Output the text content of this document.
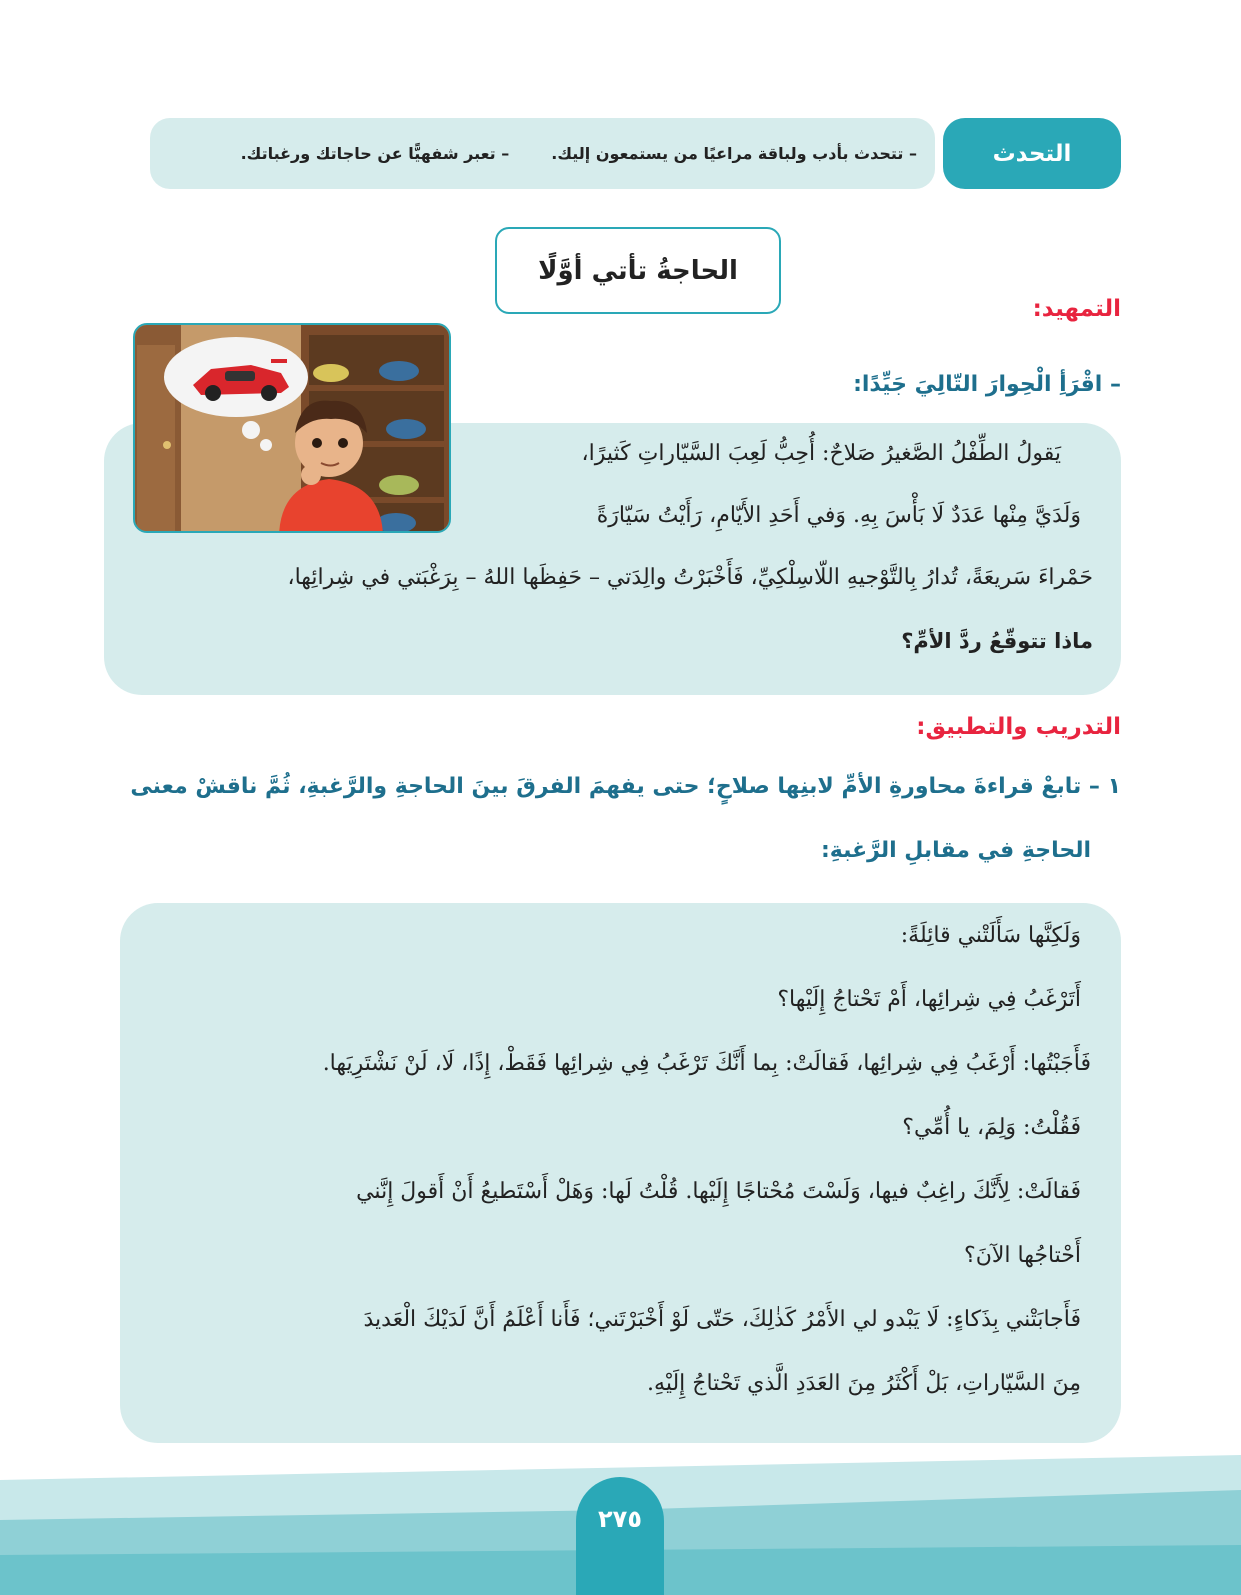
التحدث
– تتحدث بأدب ولباقة مراعيًا من يستمعون إليك.
– تعبر شفهيًّا عن حاجاتك ورغباتك.
الحاجةُ تأتي أوَّلًا
التمهيد:
– اقْرَأِ الْحِوارَ التّالِيَ جَيِّدًا:
يَقولُ الطِّفْلُ الصَّغيرُ صَلاحٌ: أُحِبُّ لَعِبَ السَّيّاراتِ كَثيرًا،
وَلَدَيَّ مِنْها عَدَدٌ لَا بَأْسَ بِهِ. وَفي أَحَدِ الأَيّامِ، رَأَيْتُ سَيّارَةً
حَمْراءَ سَريعَةً، تُدارُ بِالتَّوْجيهِ اللّاسِلْكِيِّ، فَأَخْبَرْتُ والِدَتي – حَفِظَها اللهُ – بِرَغْبَتي في شِرائِها،
ماذا تتوقّعُ ردَّ الأمِّ؟
التدريب والتطبيق:
١ – تابعْ قراءةَ محاورةِ الأمِّ لابنِها صلاحٍ؛ حتى يفهمَ الفرقَ بينَ الحاجةِ والرَّغبةِ، ثُمَّ ناقشْ معنى
الحاجةِ في مقابلِ الرَّغبةِ:
وَلَكِنَّها سَأَلَتْني قائِلَةً:
أَتَرْغَبُ فِي شِرائِها، أَمْ تَحْتاجُ إِلَيْها؟
فَأَجَبْتُها: أَرْغَبُ فِي شِرائِها، فَقالَتْ: بِما أَنَّكَ تَرْغَبُ فِي شِرائِها فَقَطْ، إِذًا، لَا، لَنْ نَشْتَرِيَها.
فَقُلْتُ: وَلِمَ، يا أُمِّي؟
فَقالَتْ: لِأَنَّكَ راغِبٌ فيها، وَلَسْتَ مُحْتاجًا إِلَيْها. قُلْتُ لَها: وَهَلْ أَسْتَطيعُ أَنْ أَقولَ إِنَّني
أَحْتاجُها الآنَ؟
فَأَجابَتْني بِذَكاءٍ: لَا يَبْدو لي الأَمْرُ كَذٰلِكَ، حَتّى لَوْ أَخْبَرْتَني؛ فَأَنا أَعْلَمُ أَنَّ لَدَيْكَ الْعَديدَ
مِنَ السَّيّاراتِ، بَلْ أَكْثَرُ مِنَ العَدَدِ الَّذي تَحْتاجُ إِلَيْهِ.
٢٧٥
